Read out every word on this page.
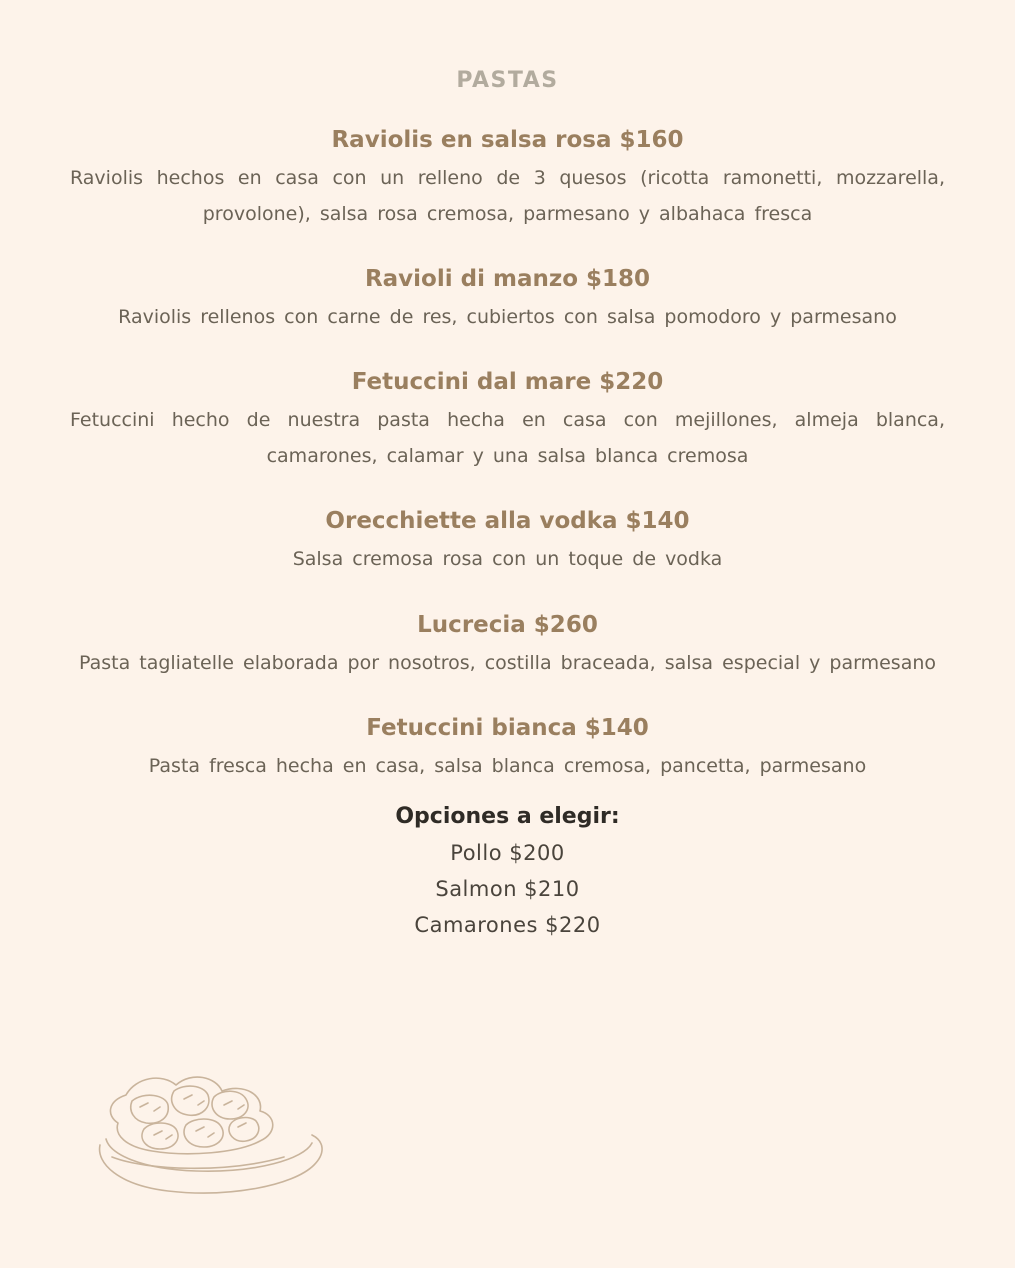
PASTAS
Raviolis en salsa rosa $160
Raviolis hechos en casa con un relleno de 3 quesos (ricotta ramonetti, mozzarella, provolone), salsa rosa cremosa, parmesano y albahaca fresca
Ravioli di manzo $180
Raviolis rellenos con carne de res, cubiertos con salsa pomodoro y parmesano
Fetuccini dal mare $220
Fetuccini hecho de nuestra pasta hecha en casa con mejillones, almeja blanca, camarones, calamar y una salsa blanca cremosa
Orecchiette alla vodka $140
Salsa cremosa rosa con un toque de vodka
Lucrecia $260
Pasta tagliatelle elaborada por nosotros, costilla braceada, salsa especial y parmesano
Fetuccini bianca $140
Pasta fresca hecha en casa, salsa blanca cremosa, pancetta, parmesano
Opciones a elegir:
Pollo $200
Salmon $210
Camarones $220
